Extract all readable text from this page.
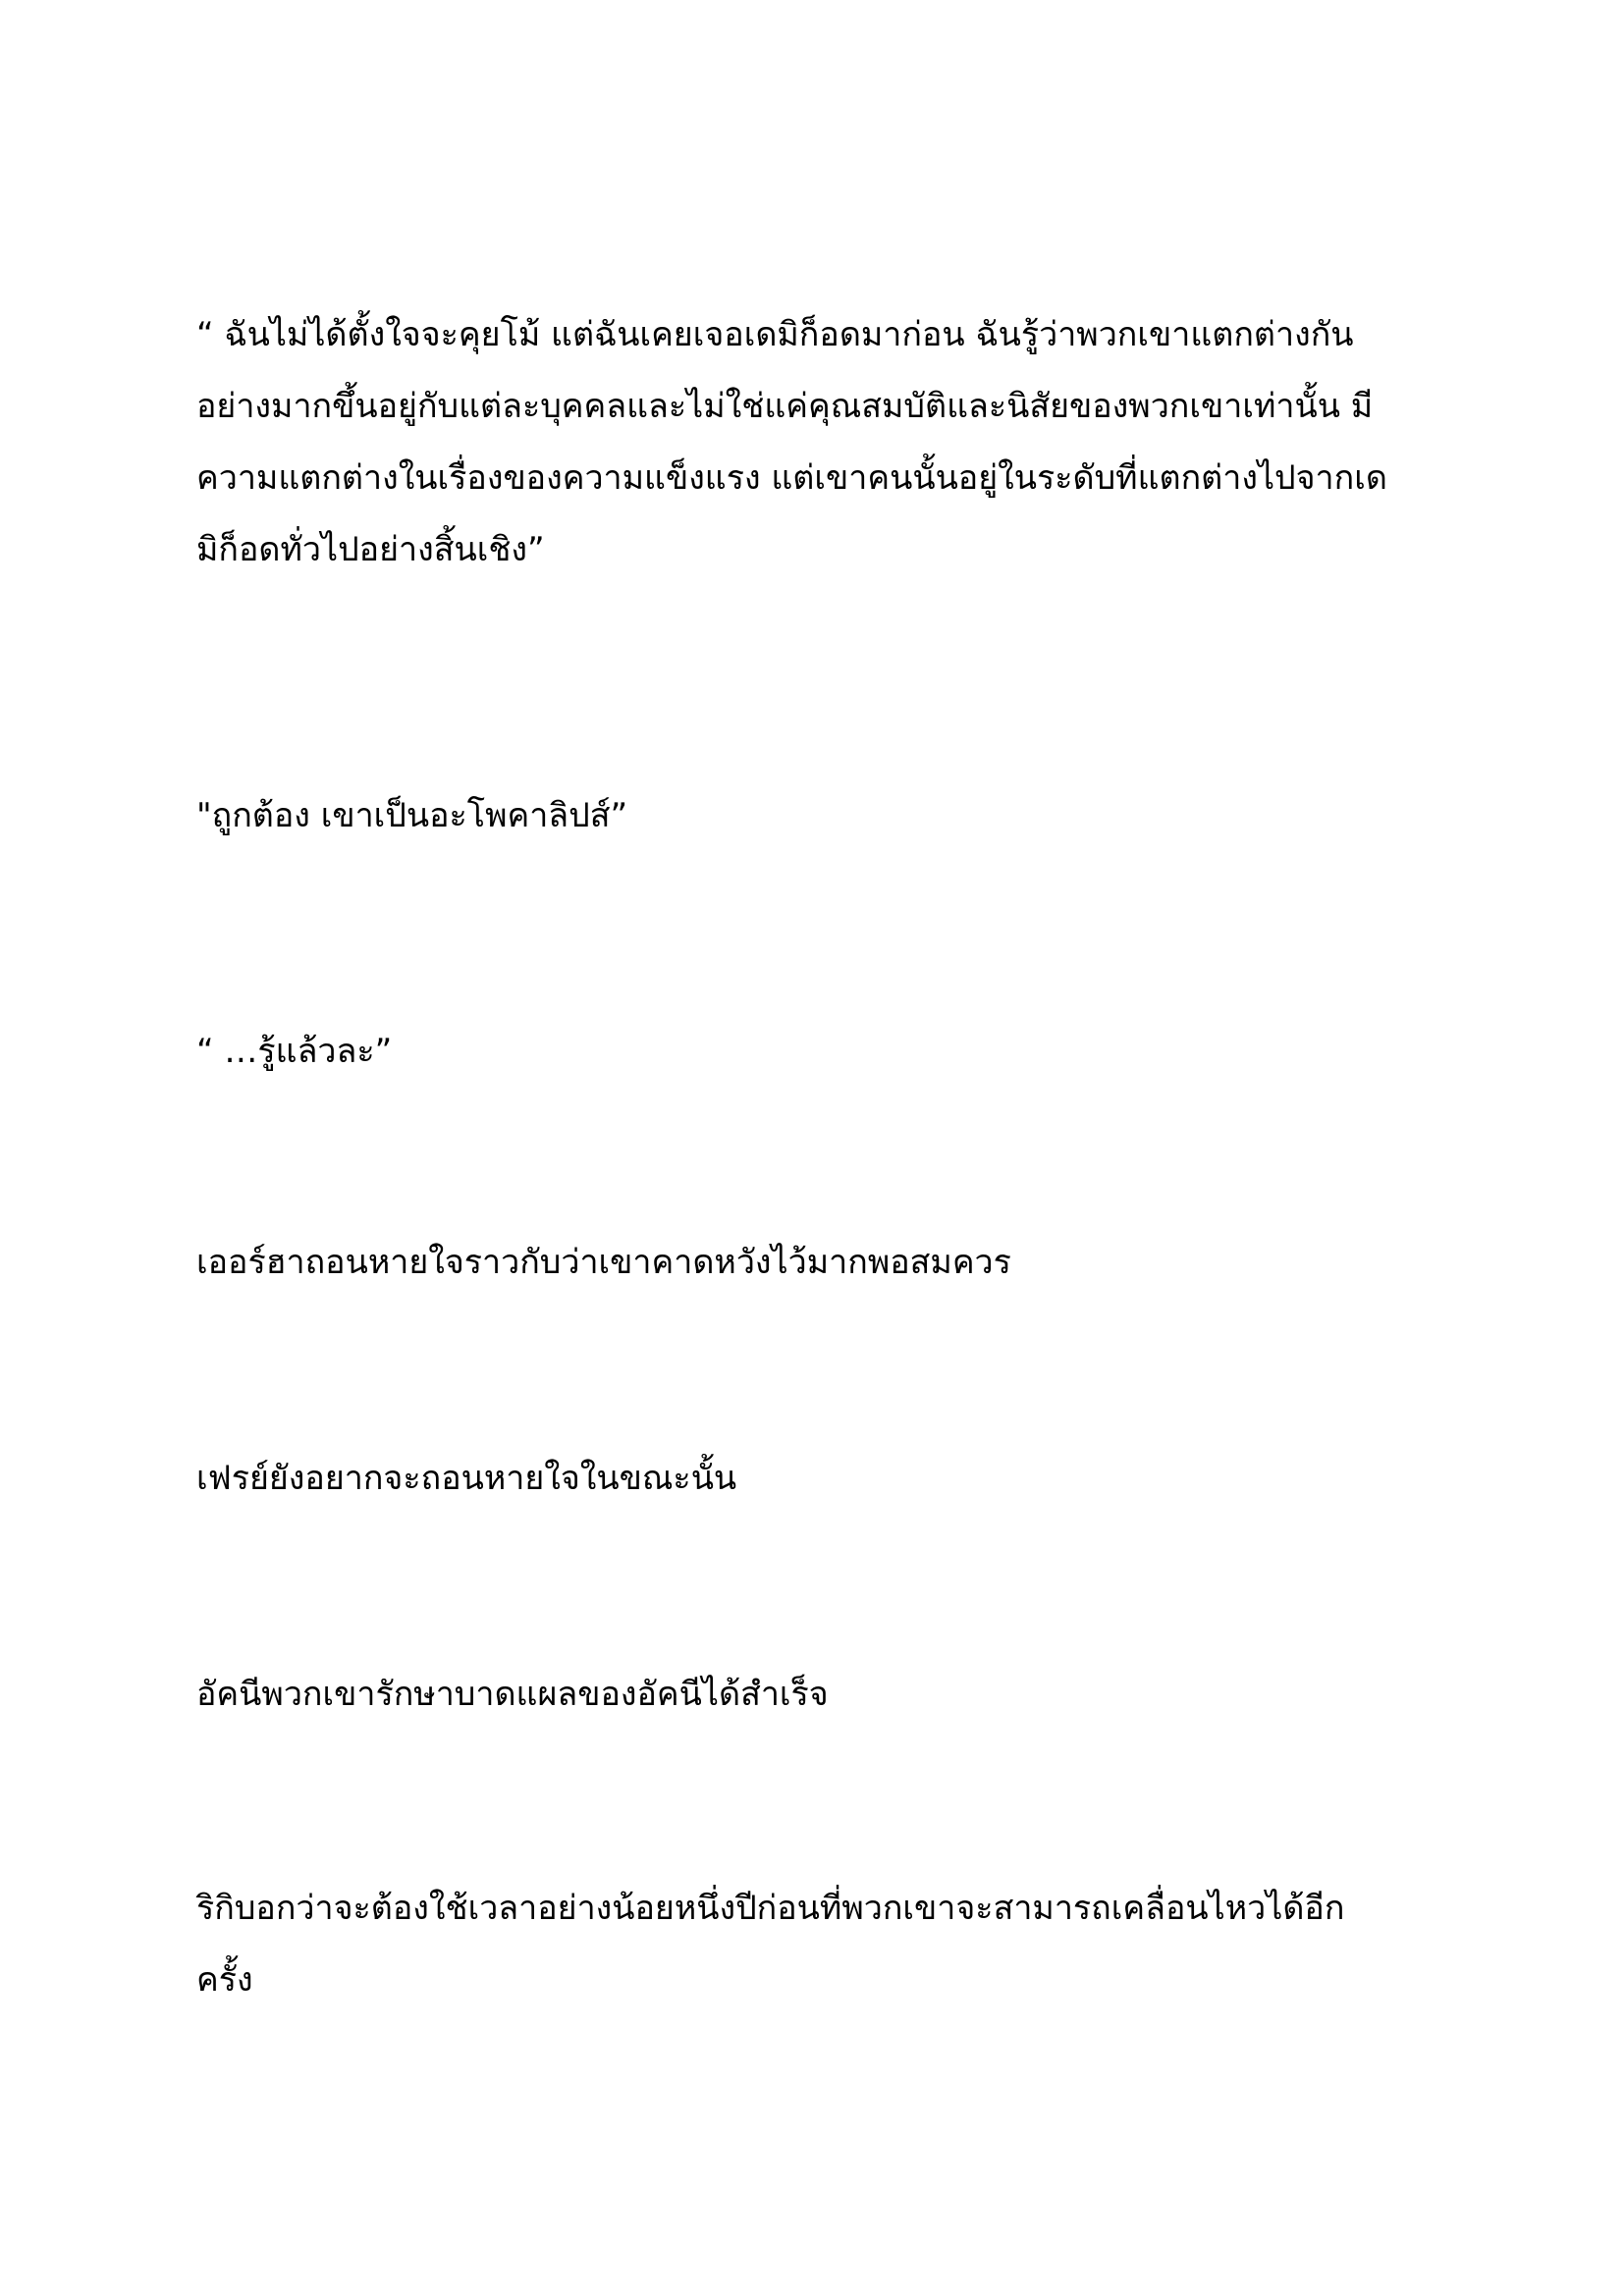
“ ฉันไม่ได้ตั้งใจจะคุยโม้ แต่ฉันเคยเจอเดมิก็อดมาก่อน ฉันรู้ว่าพวกเขาแตกต่างกัน
อย่างมากขึ้นอยู่กับแต่ละบุคคลและไม่ใช่แค่คุณสมบัติและนิสัยของพวกเขาเท่านั้น มี
ความแตกต่างในเรื่องของความแข็งแรง แต่เขาคนนั้นอยู่ในระดับที่แตกต่างไปจากเด
มิก็อดทั่วไปอย่างสิ้นเชิง”

"ถูกต้อง เขาเป็นอะโพคาลิปส์”

“ …รู้แล้วละ”

เออร์ฮาถอนหายใจราวกับว่าเขาคาดหวังไว้มากพอสมควร

เฟรย์ยังอยากจะถอนหายใจในขณะนั้น

อัคนีพวกเขารักษาบาดแผลของอัคนีได้สำเร็จ

ริกิบอกว่าจะต้องใช้เวลาอย่างน้อยหนึ่งปีก่อนที่พวกเขาจะสามารถเคลื่อนไหวได้อีก
ครั้ง
